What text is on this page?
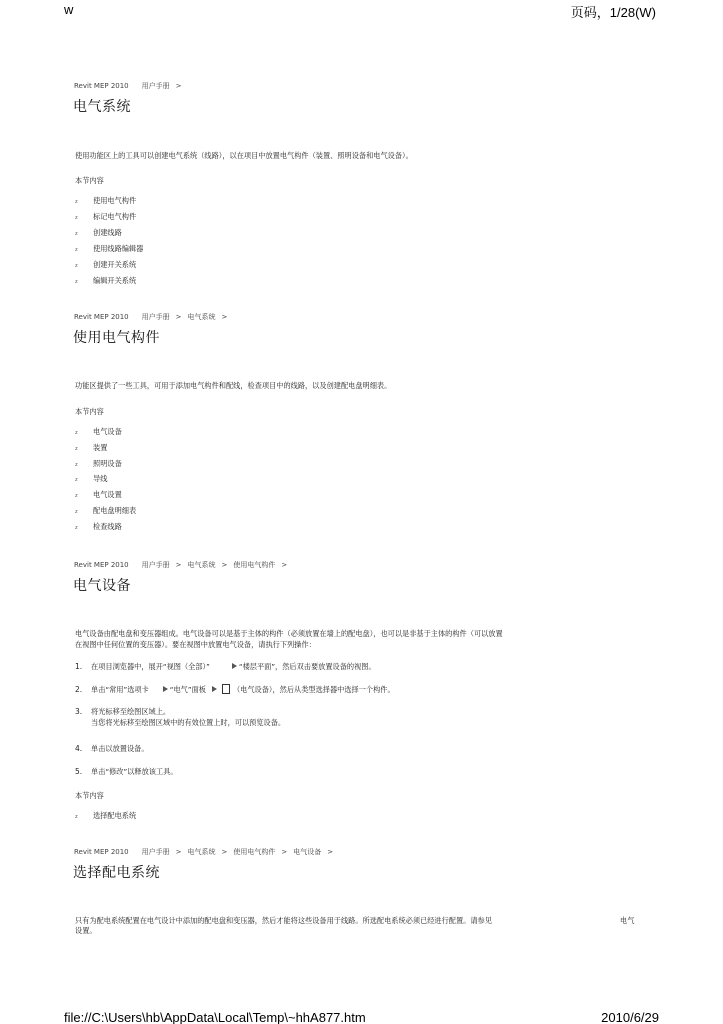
w	页码，1/28(W)
Revit MEP 2010 用户手册 >
电气系统
使用功能区上的工具可以创建电气系统（线路），以在项目中放置电气构件（装置、照明设备和电气设备）。
本节内容
z 使用电气构件
z 标记电气构件
z 创建线路
z 使用线路编辑器
z 创建开关系统
z 编辑开关系统
Revit MEP 2010 用户手册 > 电气系统 >
使用电气构件
功能区提供了一些工具，可用于添加电气构件和配线，检查项目中的线路，以及创建配电盘明细表。
本节内容
z 电气设备
z 装置
z 照明设备
z 导线
z 电气设置
z 配电盘明细表
z 检查线路
Revit MEP 2010 用户手册 > 电气系统 > 使用电气构件 >
电气设备
电气设备由配电盘和变压器组成。电气设备可以是基于主体的构件（必须放置在墙上的配电盘），也可以是非基于主体的构件（可以放置
在视图中任何位置的变压器）。要在视图中放置电气设备，请执行下列操作：
1. 在项目浏览器中，展开“视图（全部）”	“楼层平面”，然后双击要放置设备的视图。
2. 单击“常用”选项卡	“电气”面板	（电气设备），然后从类型选择器中选择一个构件。
3. 将光标移至绘图区域上。
当您将光标移至绘图区域中的有效位置上时，可以预览设备。
4. 单击以放置设备。
5. 单击“修改”以释放该工具。
本节内容
z 选择配电系统
Revit MEP 2010 用户手册 > 电气系统 > 使用电气构件 > 电气设备 >
选择配电系统
只有为配电系统配置在电气设计中添加的配电盘和变压器，然后才能将这些设备用于线路。所选配电系统必须已经进行配置。请参见	电气
设置。
file://C:\Users\hb\AppData\Local\Temp\~hhA877.htm	2010/6/29
